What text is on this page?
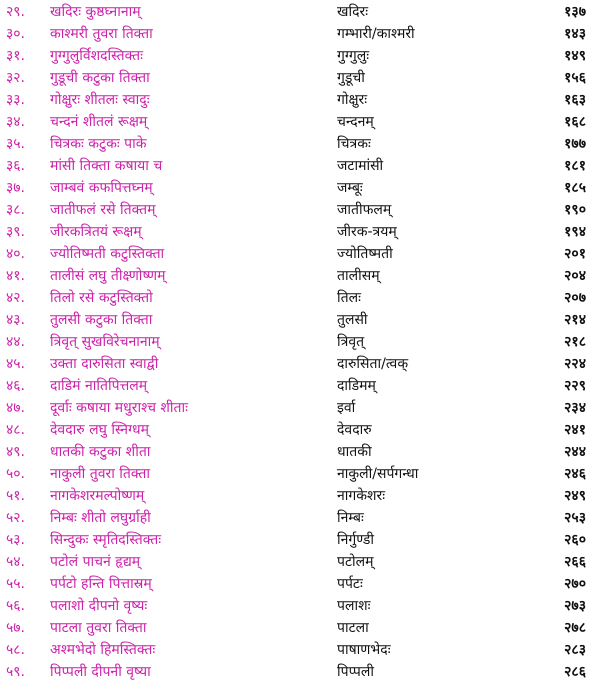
२९. खदिरः कुष्ठघ्नानाम्	खदिरः	१३७
३०. काश्मरी तुवरा तिक्ता	गम्भारी/काश्मरी	१४३
३१. गुग्गुलुर्विशदस्तिक्तः	गुग्गुलुः	१४९
३२. गुडूची कटुका तिक्ता	गुडूची	१५६
३३. गोक्षुरः शीतलः स्वादुः	गोक्षुरः	१६३
३४. चन्दनं शीतलं रूक्षम्	चन्दनम्	१६८
३५. चित्रकः कटुकः पाके	चित्रकः	१७७
३६. मांसी तिक्ता कषाया च	जटामांसी	१८१
३७. जाम्बवं कफपित्तघ्नम्	जम्बूः	१८५
३८. जातीफलं रसे तिक्तम्	जातीफलम्	१९०
३९. जीरकत्रितयं रूक्षम्	जीरक-त्रयम्	१९४
४०. ज्योतिष्मती कटुस्तिक्ता	ज्योतिष्मती	२०१
४१. तालीसं लघु तीक्ष्णोष्णम्	तालीसम्	२०४
४२. तिलो रसे कटुस्तिक्तो	तिलः	२०७
४३. तुलसी कटुका तिक्ता	तुलसी	२१४
४४. त्रिवृत् सुखविरेचनानाम्	त्रिवृत्	२१८
४५. उक्ता दारुसिता स्वाद्वी	दारुसिता/त्वक्	२२४
४६. दाडिमं नातिपित्तलम्	दाडिमम्	२२९
४७. दूर्वाः कषाया मधुराश्च शीताः	इर्वा	२३४
४८. देवदारु लघु स्निग्धम्	देवदारु	२४१
४९. धातकी कटुका शीता	धातकी	२४४
५०. नाकुली तुवरा तिक्ता	नाकुली/सर्पगन्धा	२४६
५१. नागकेशरमल्पोष्णम्	नागकेशरः	२४९
५२. निम्बः शीतो लघुर्ग्राही	निम्बः	२५३
५३. सिन्दुकः स्मृतिदस्तिक्तः	निर्गुण्डी	२६०
५४. पटोलं पाचनं हृद्यम्	पटोलम्	२६६
५५. पर्पटो हन्ति पित्तास्रम्	पर्पटः	२७०
५६. पलाशो दीपनो वृष्यः	पलाशः	२७३
५७. पाटला तुवरा तिक्ता	पाटला	२७८
५८. अश्मभेदो हिमस्तिक्तः	पाषाणभेदः	२८३
५९. पिप्पली दीपनी वृष्या	पिप्पली	२८६
